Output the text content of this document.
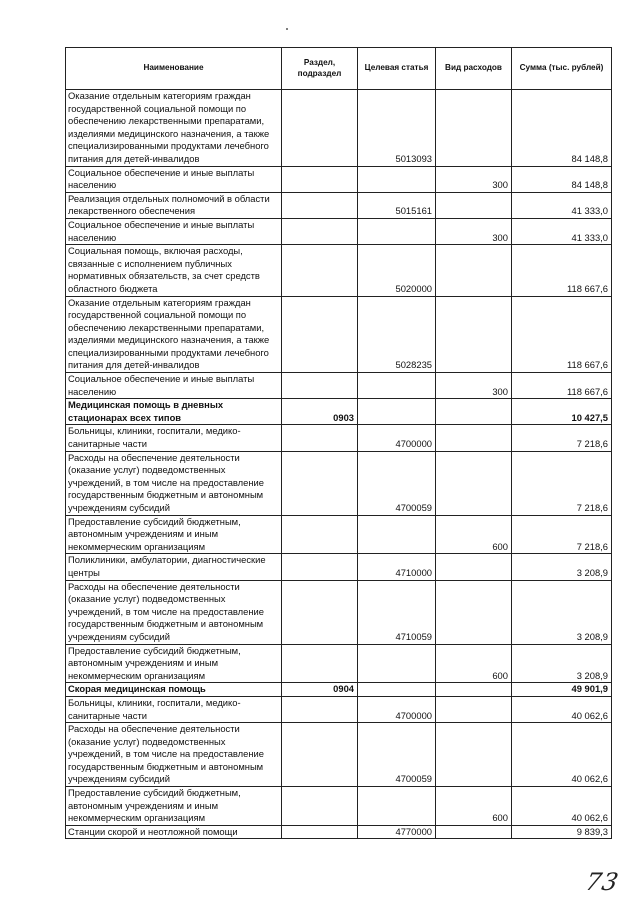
Наименование	Раздел, подраздел	Целевая статья	Вид расходов	Сумма (тыс. рублей)
Оказание отдельным категориям граждан государственной социальной помощи по обеспечению лекарственными препаратами, изделиями медицинского назначения, а также специализированными продуктами лечебного питания для детей-инвалидов		5013093		84 148,8
Социальное обеспечение и иные выплаты населению			300	84 148,8
Реализация отдельных полномочий в области лекарственного обеспечения		5015161		41 333,0
Социальное обеспечение и иные выплаты населению			300	41 333,0
Социальная помощь, включая расходы, связанные с исполнением публичных нормативных обязательств, за счет средств областного бюджета		5020000		118 667,6
Оказание отдельным категориям граждан государственной социальной помощи по обеспечению лекарственными препаратами, изделиями медицинского назначения, а также специализированными продуктами лечебного питания для детей-инвалидов		5028235		118 667,6
Социальное обеспечение и иные выплаты населению			300	118 667,6
Медицинская помощь в дневных стационарах всех типов	0903			10 427,5
Больницы, клиники, госпитали, медико-санитарные части		4700000		7 218,6
Расходы на обеспечение деятельности (оказание услуг) подведомственных учреждений, в том числе на предоставление государственным бюджетным и автономным учреждениям субсидий		4700059		7 218,6
Предоставление субсидий бюджетным, автономным учреждениям и иным некоммерческим организациям			600	7 218,6
Поликлиники, амбулатории, диагностические центры		4710000		3 208,9
Расходы на обеспечение деятельности (оказание услуг) подведомственных учреждений, в том числе на предоставление государственным бюджетным и автономным учреждениям субсидий		4710059		3 208,9
Предоставление субсидий бюджетным, автономным учреждениям и иным некоммерческим организациям			600	3 208,9
Скорая медицинская помощь	0904			49 901,9
Больницы, клиники, госпитали, медико-санитарные части		4700000		40 062,6
Расходы на обеспечение деятельности (оказание услуг) подведомственных учреждений, в том числе на предоставление государственным бюджетным и автономным учреждениям субсидий		4700059		40 062,6
Предоставление субсидий бюджетным, автономным учреждениям и иным некоммерческим организациям			600	40 062,6
Станции скорой и неотложной помощи		4770000		9 839,3
73
